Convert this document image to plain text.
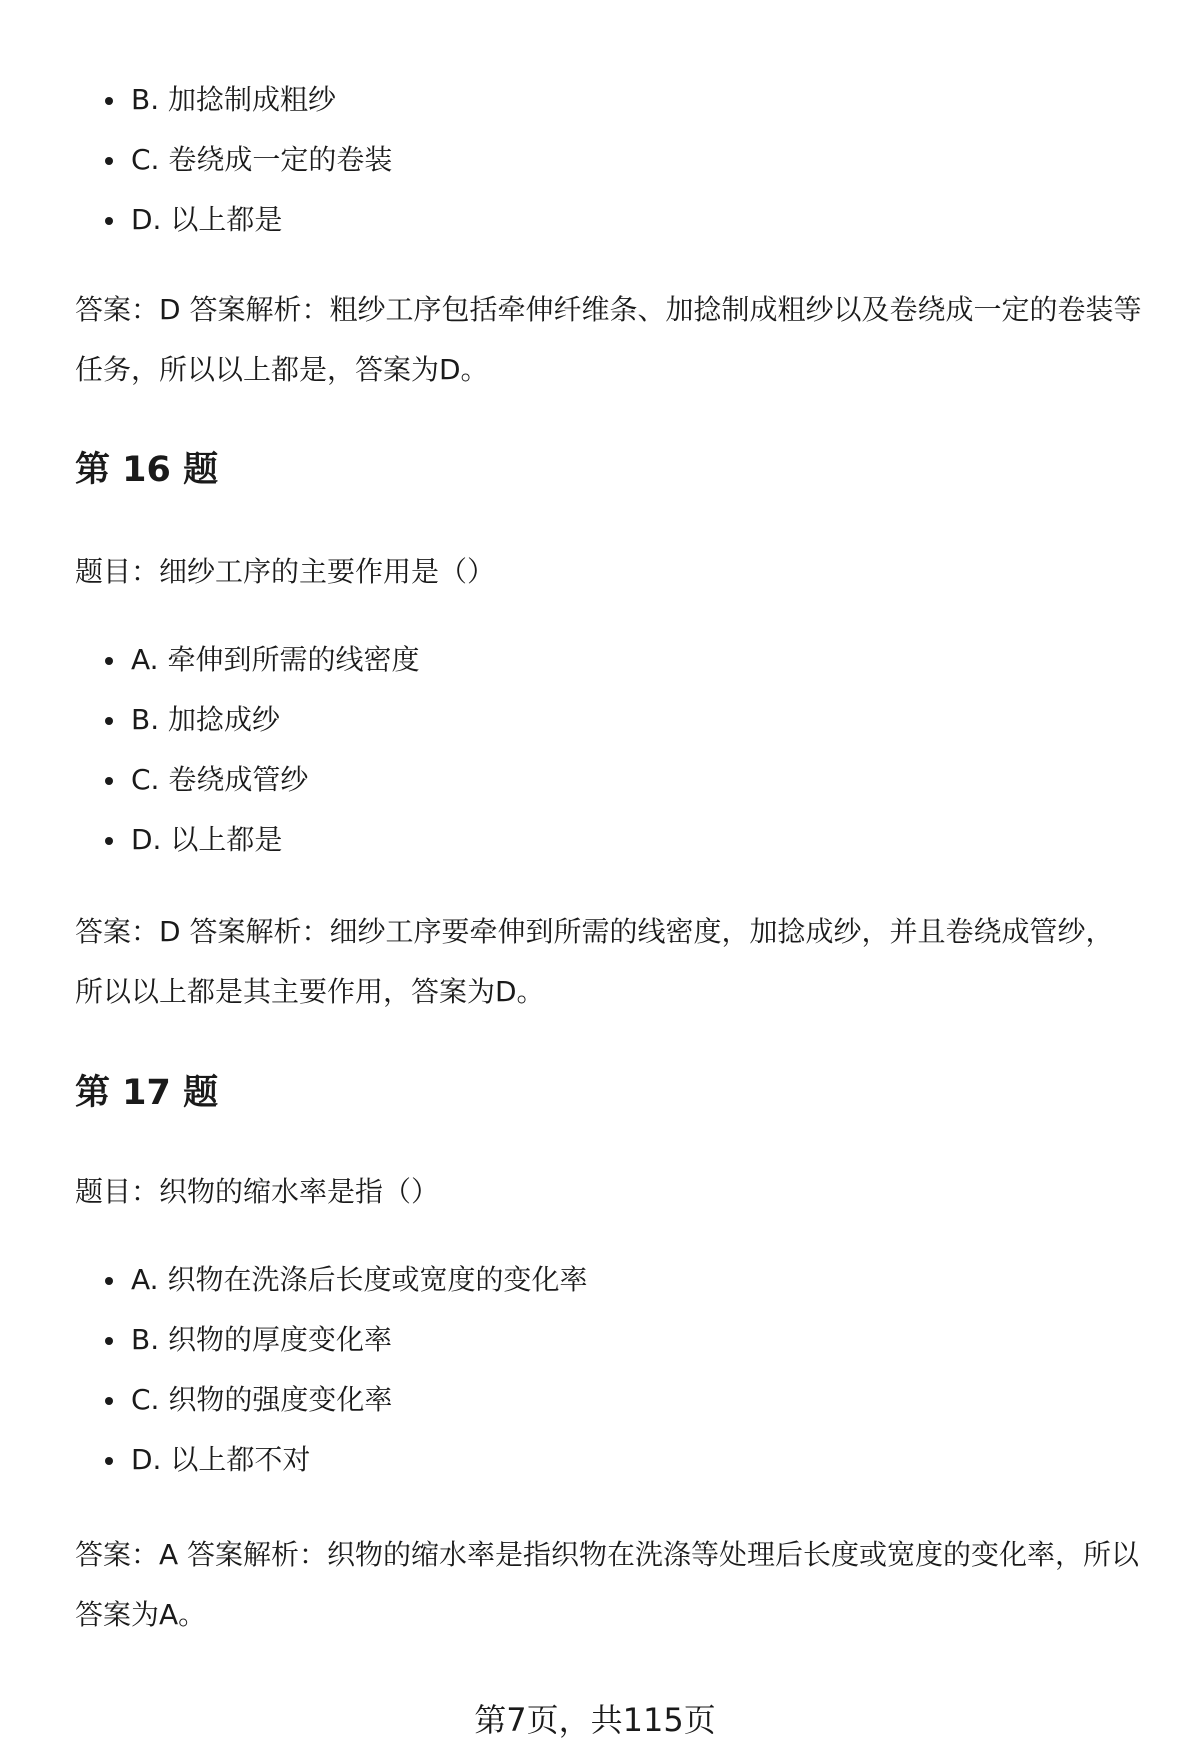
B. 加捻制成粗纱
C. 卷绕成一定的卷装
D. 以上都是

答案：D 答案解析：粗纱工序包括牵伸纤维条、加捻制成粗纱以及卷绕成一定的卷装等任务，所以以上都是，答案为D。

第 16 题

题目：细纱工序的主要作用是（）

A. 牵伸到所需的线密度
B. 加捻成纱
C. 卷绕成管纱
D. 以上都是

答案：D 答案解析：细纱工序要牵伸到所需的线密度，加捻成纱，并且卷绕成管纱，所以以上都是其主要作用，答案为D。

第 17 题

题目：织物的缩水率是指（）

A. 织物在洗涤后长度或宽度的变化率
B. 织物的厚度变化率
C. 织物的强度变化率
D. 以上都不对

答案：A 答案解析：织物的缩水率是指织物在洗涤等处理后长度或宽度的变化率，所以答案为A。

第7页，共115页
